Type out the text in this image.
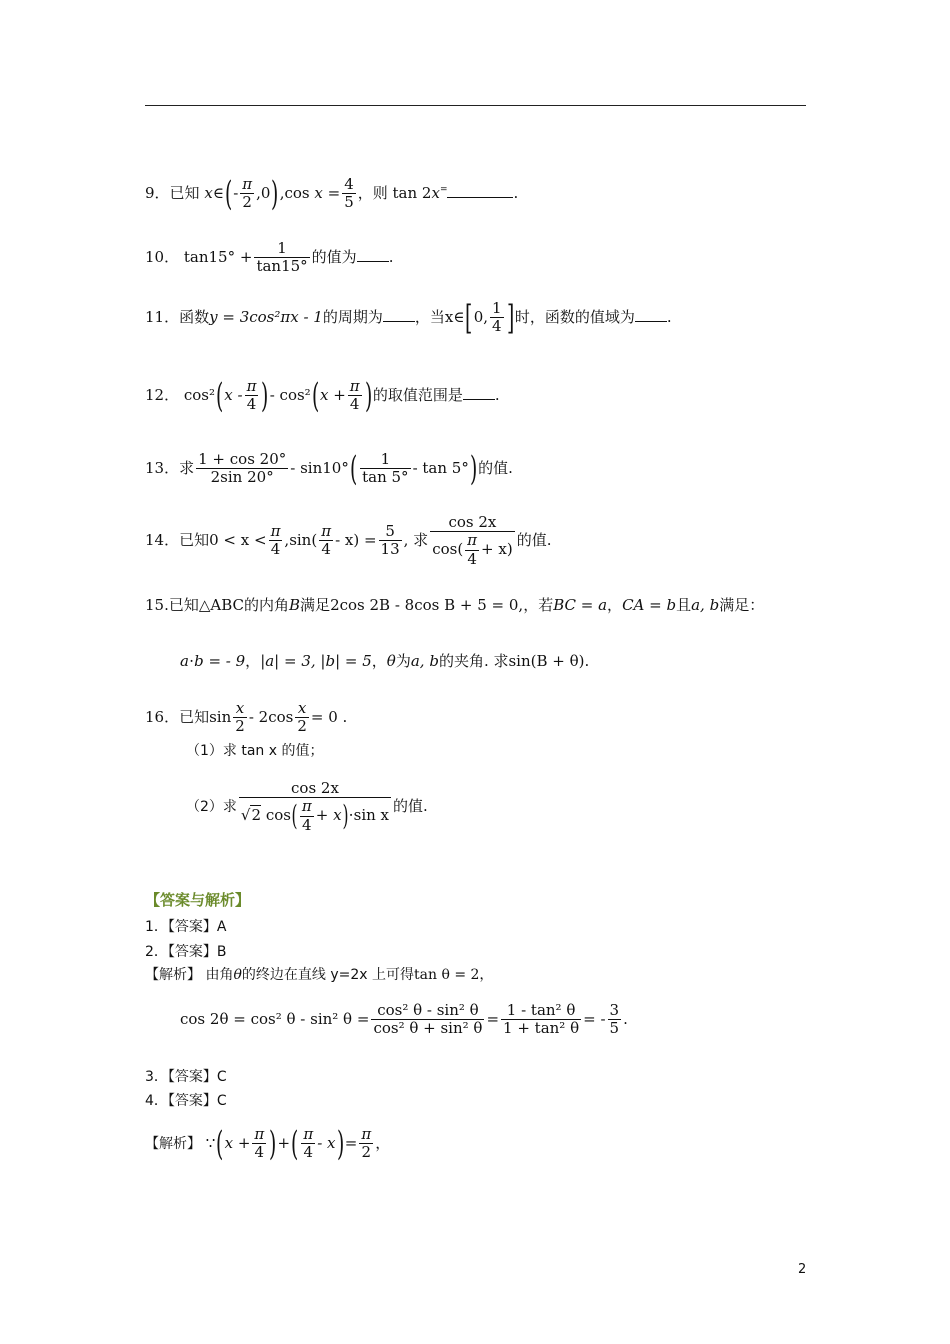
9．已知 x∈(- $\frac{\pi}{2} ,0),\cos$ $x = \frac{4}{5}$ ，则 tan 2x=	.
10． $\tan 15^\circ + \frac{1}{\tan 15^\circ}$ 的值为 .
11．函数y = 3cos²πx - 1的周期为 ，当x∈[0, $\frac{1}{4}$ ]时，函数的值域为 .
12． $\cos^2(x - \frac{\pi}{4}$ )- $\cos^2(x + \frac{\pi}{4}$ )的取值范围是 .
13．求 $\frac{1 + \cos 20^\circ}{2\sin 20^\circ} - \sin 10^\circ( \frac{1}{\tan 5^\circ}$ - tan 5°)的值.
14．已知$0 < x < \frac{\pi}{4} ,\sin( \frac{\pi}{4} - x) = \frac{5}{13}$ , 求 $\frac{\cos 2x}{\cos( \frac{\pi}{4} + x)}$ 的值.
15.已知△ABC的内角B满足2cos 2B - 8cos B + 5 = 0,，若BC = a，CA = b且a, b满足：
a⋅b = - 9，|a| = 3, |b| = 5，θ为a, b的夹角. 求sin(B + θ).
16．已知$\sin \frac{x}{2} - 2\cos \frac{x}{2} = 0$ .
（1）求 tan x 的值；
（2）求 $\frac{\cos 2x}{√2 \cos( \frac{\pi}{4} + x)\cdot\sin x}$ 的值.
【答案与解析】
1．【答案】A
2．【答案】B
【解析】 由角θ的终边在直线 y=2x 上可得tan θ = 2，
cos 2θ = cos² θ - sin² $\theta = \frac{\text{cos² θ - sin² θ}}{\text{cos² θ + sin² θ}} = \frac{\text{1 - tan² θ}}{\text{1 + tan² θ}}$ = - $\frac{3}{5}$ .
3．【答案】C
4．【答案】C
【解析】 ∵(x + $\frac{\pi}{4}$ )+( $\frac{\pi}{4} - x)= \frac{\pi}{2}$ ，
2
